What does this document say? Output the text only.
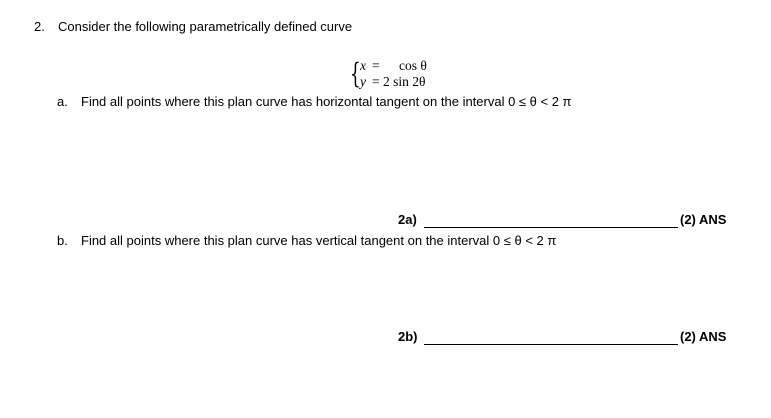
2. Consider the following parametrically defined curve
{ x = cos θ
y = 2 sin 2θ
a. Find all points where this plan curve has horizontal tangent on the interval 0 ≤ θ < 2 π
2a)	(2) ANS
b. Find all points where this plan curve has vertical tangent on the interval 0 ≤ θ < 2 π
2b)	(2) ANS
